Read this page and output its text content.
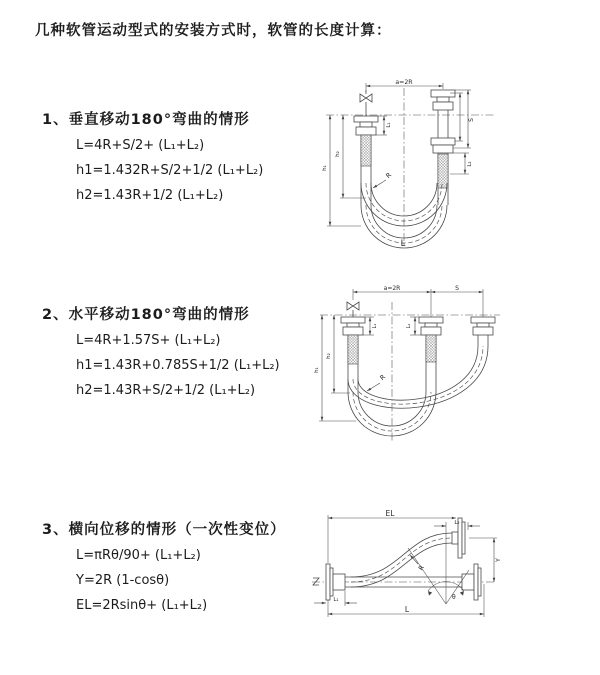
几种软管运动型式的安装方式时，软管的长度计算：
1、垂直移动180°弯曲的情形
L=4R+S/2+ (L₁+L₂)
h1=1.432R+S/2+1/2 (L₁+L₂)
h2=1.43R+1/2 (L₁+L₂)
2、水平移动180°弯曲的情形
L=4R+1.57S+ (L₁+L₂)
h1=1.43R+0.785S+1/2 (L₁+L₂)
h2=1.43R+S/2+1/2 (L₁+L₂)
3、横向位移的情形（一次性变位）
L=πRθ/90+ (L₁+L₂)
Y=2R (1-cosθ)
EL=2Rsinθ+ (L₁+L₂)
a=2R
L₁
S
L₂
R
h₁
h₂
L
a=2R	S
L₁	L₂
h₁
h₂
R
θ
R
EL
L₂
Y
L
L₁
